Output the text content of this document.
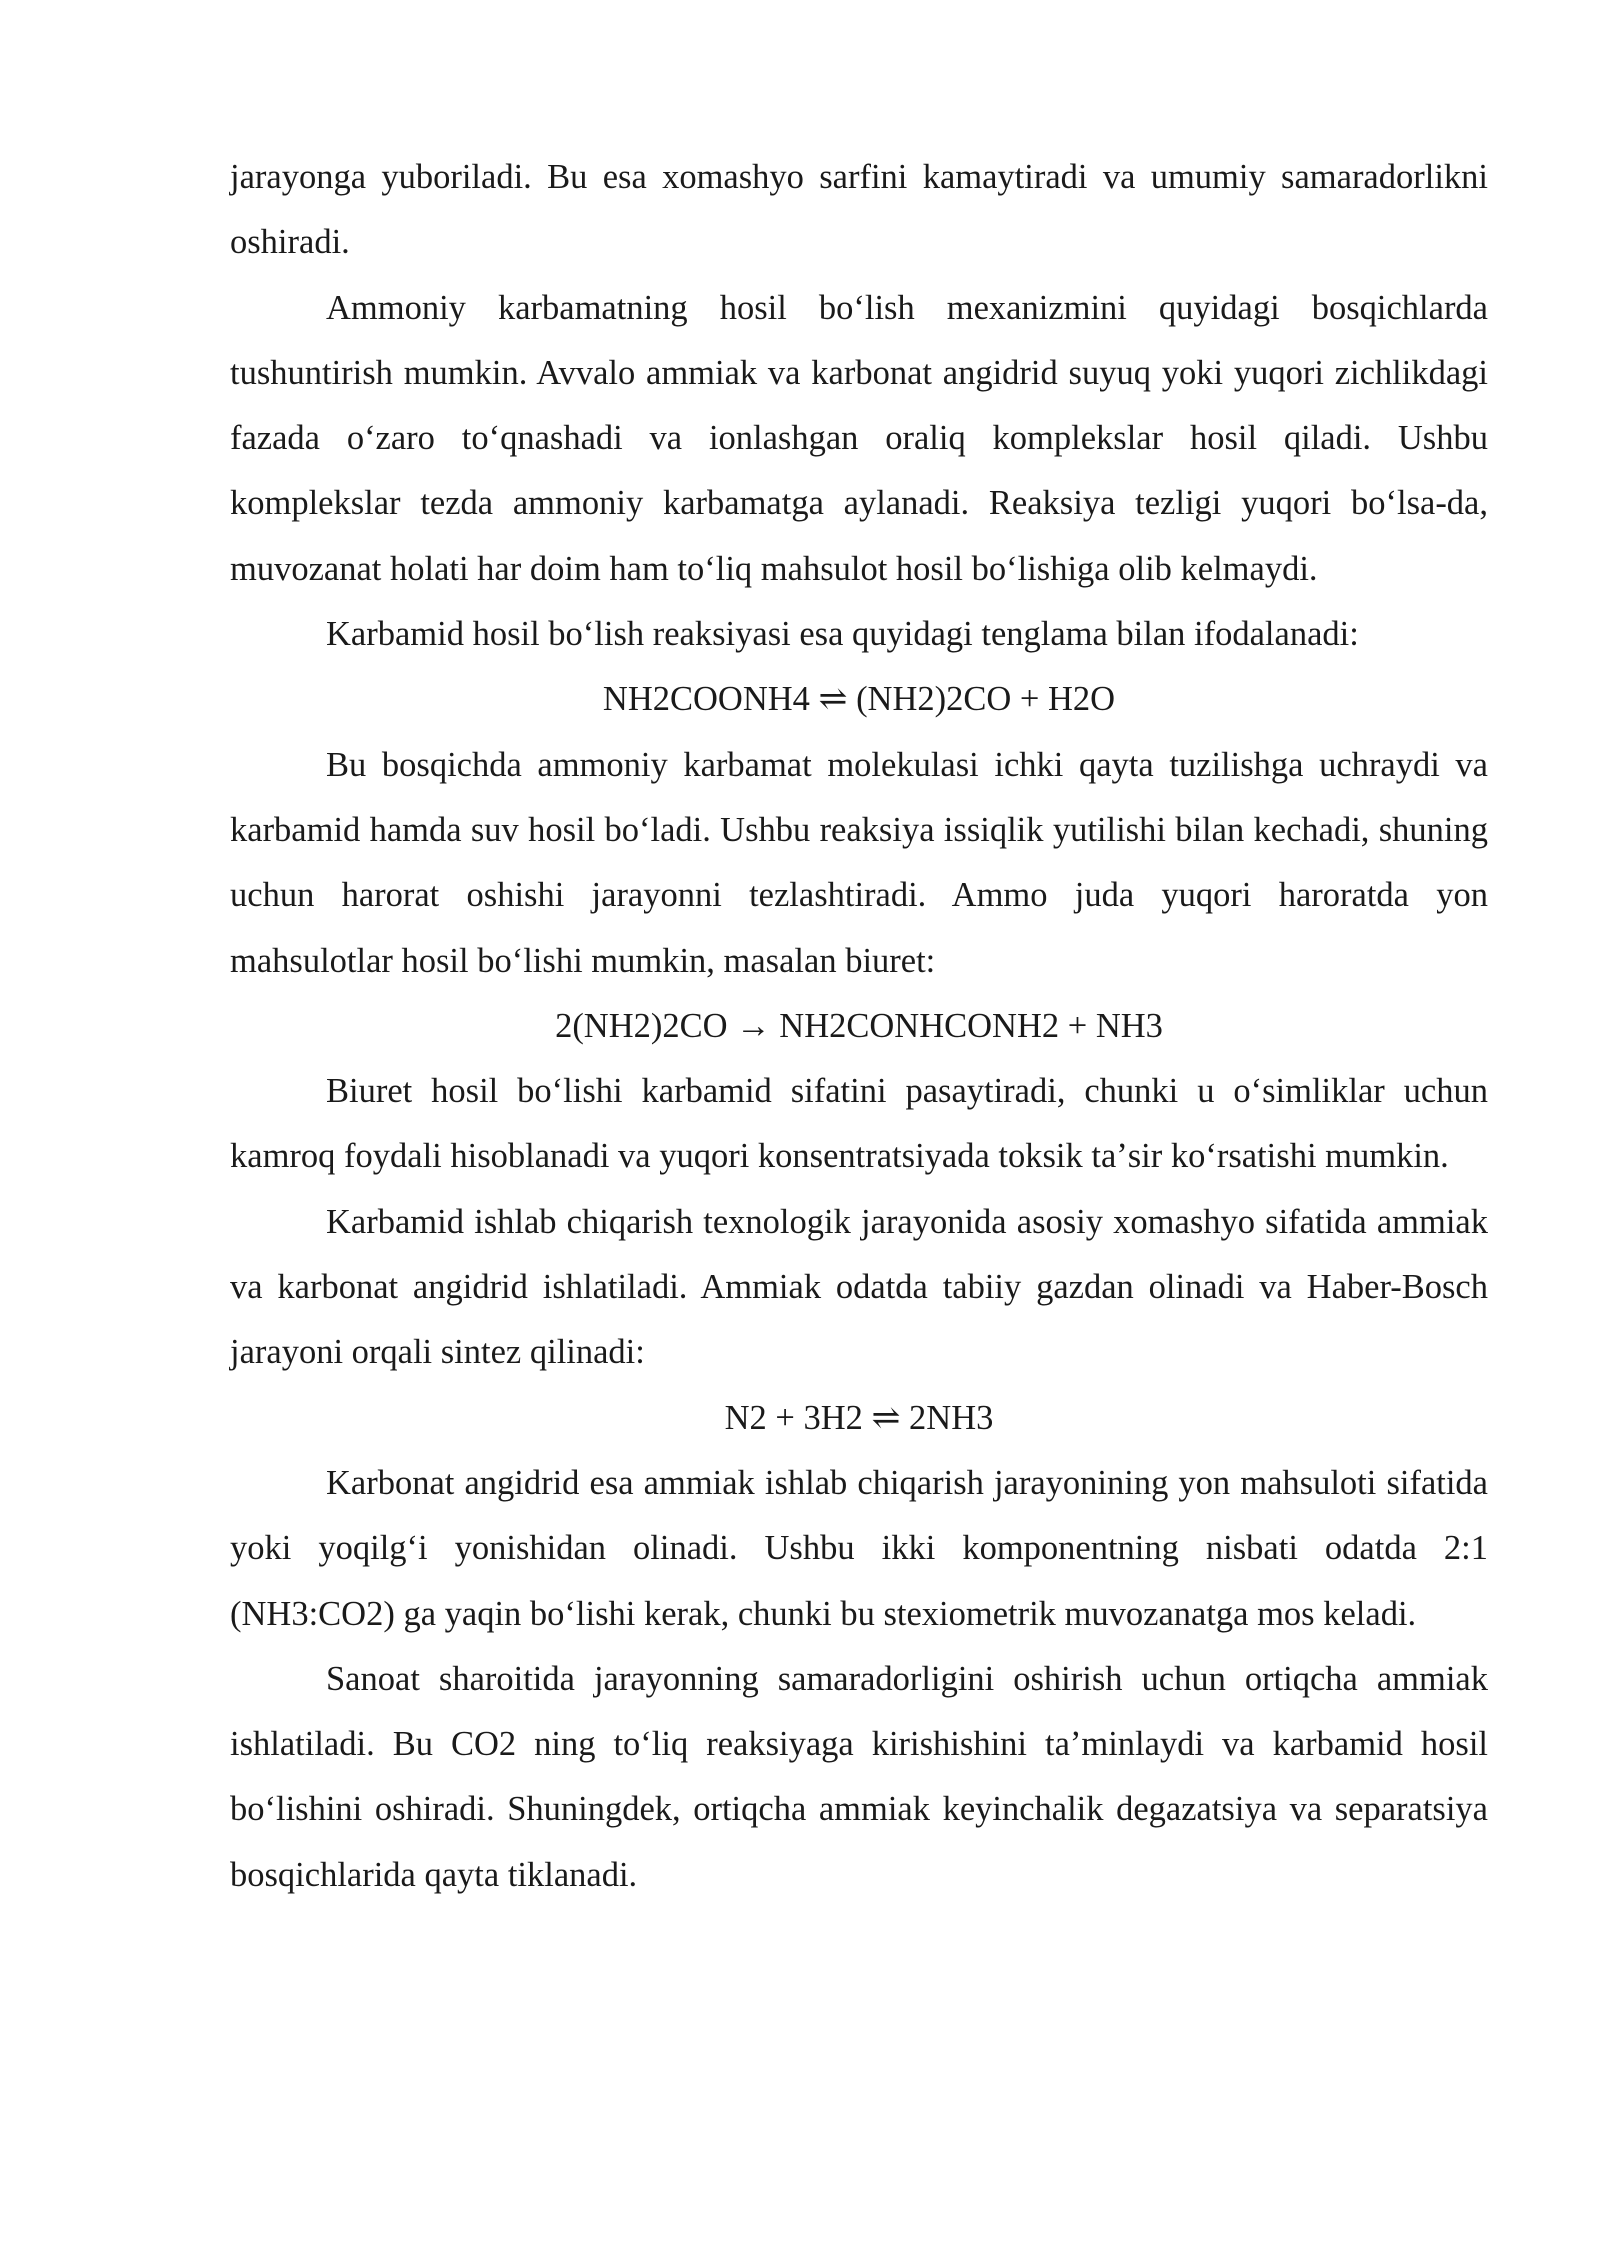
jarayonga yuboriladi. Bu esa xomashyo sarfini kamaytiradi va umumiy samaradorlikni oshiradi.

Ammoniy karbamatning hosil boʻlish mexanizmini quyidagi bosqichlarda tushuntirish mumkin. Avvalo ammiak va karbonat angidrid suyuq yoki yuqori zichlikdagi fazada oʻzaro toʻqnashadi va ionlashgan oraliq komplekslar hosil qiladi. Ushbu komplekslar tezda ammoniy karbamatga aylanadi. Reaksiya tezligi yuqori boʻlsa-da, muvozanat holati har doim ham toʻliq mahsulot hosil boʻlishiga olib kelmaydi.

Karbamid hosil boʻlish reaksiyasi esa quyidagi tenglama bilan ifodalanadi:

NH2COONH4 ⇌ (NH2)2CO + H2O

Bu bosqichda ammoniy karbamat molekulasi ichki qayta tuzilishga uchraydi va karbamid hamda suv hosil boʻladi. Ushbu reaksiya issiqlik yutilishi bilan kechadi, shuning uchun harorat oshishi jarayonni tezlashtiradi. Ammo juda yuqori haroratda yon mahsulotlar hosil boʻlishi mumkin, masalan biuret:

2(NH2)2CO → NH2CONHCONH2 + NH3

Biuret hosil boʻlishi karbamid sifatini pasaytiradi, chunki u oʻsimliklar uchun kamroq foydali hisoblanadi va yuqori konsentratsiyada toksik taʼsir koʻrsatishi mumkin.

Karbamid ishlab chiqarish texnologik jarayonida asosiy xomashyo sifatida ammiak va karbonat angidrid ishlatiladi. Ammiak odatda tabiiy gazdan olinadi va Haber-Bosch jarayoni orqali sintez qilinadi:

N2 + 3H2 ⇌ 2NH3

Karbonat angidrid esa ammiak ishlab chiqarish jarayonining yon mahsuloti sifatida yoki yoqilgʻi yonishidan olinadi. Ushbu ikki komponentning nisbati odatda 2:1 (NH3:CO2) ga yaqin boʻlishi kerak, chunki bu stexiometrik muvozanatga mos keladi.

Sanoat sharoitida jarayonning samaradorligini oshirish uchun ortiqcha ammiak ishlatiladi. Bu CO2 ning toʻliq reaksiyaga kirishishini taʼminlaydi va karbamid hosil boʻlishini oshiradi. Shuningdek, ortiqcha ammiak keyinchalik degazatsiya va separatsiya bosqichlarida qayta tiklanadi.
